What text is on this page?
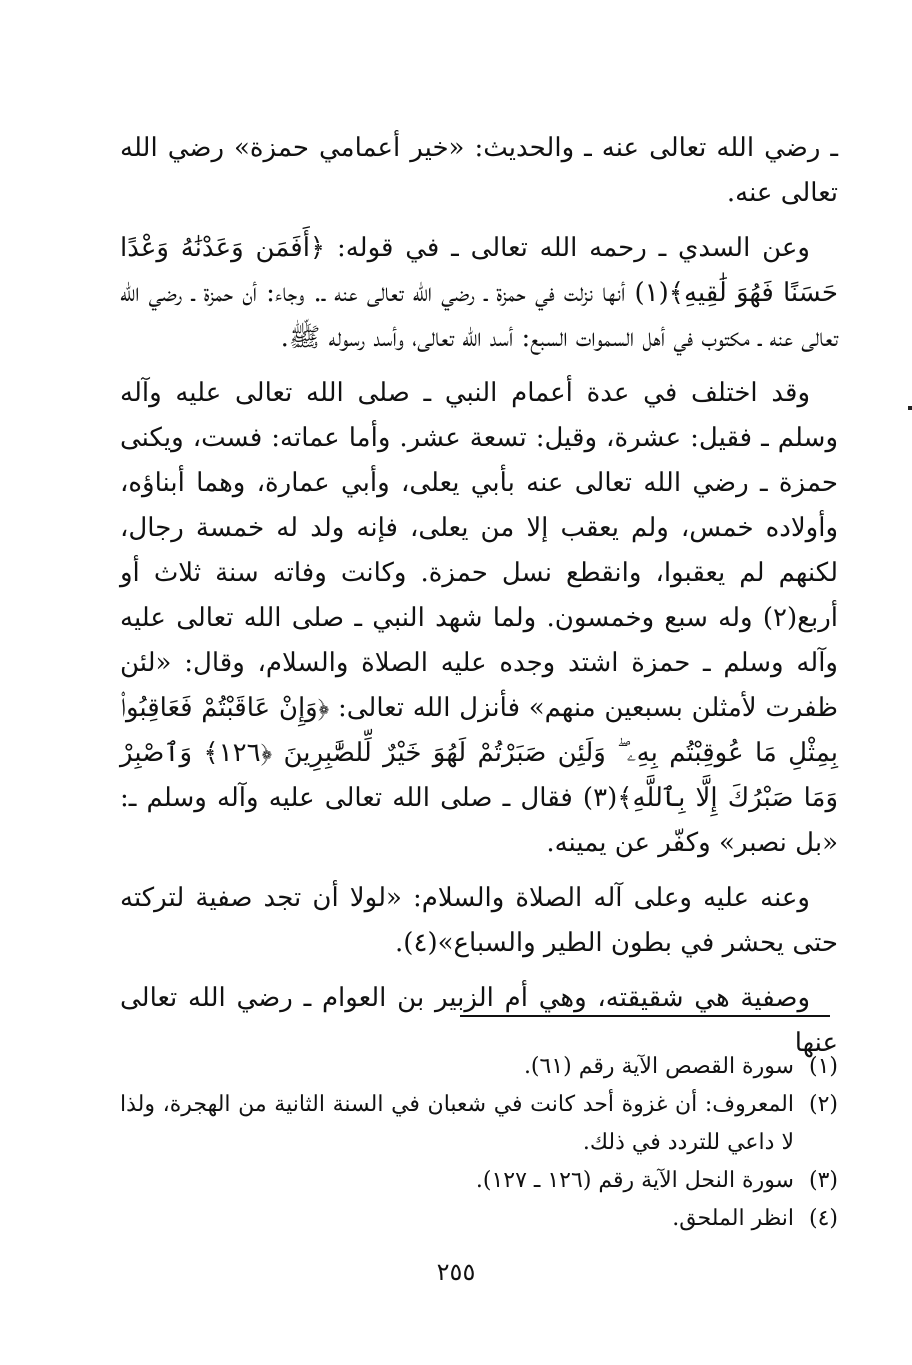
ـ رضي الله تعالى عنه ـ والحديث: «خير أعمامي حمزة» رضي الله تعالى عنه.

وعن السدي ـ رحمه الله تعالى ـ في قوله: ﴿أَفَمَن وَعَدْنَٰهُ وَعْدًا حَسَنًا فَهُوَ لَٰقِيهِ﴾(١) أنها نزلت في حمزة ـ رضي الله تعالى عنه ـ. وجاء: أن حمزة ـ رضي الله تعالى عنه ـ مكتوب في أهل السموات السبع: أسد الله تعالى، وأسد رسوله ﷺ.

وقد اختلف في عدة أعمام النبي ـ صلى الله تعالى عليه وآله وسلم ـ فقيل: عشرة، وقيل: تسعة عشر. وأما عماته: فست، ويكنى حمزة ـ رضي الله تعالى عنه بأبي يعلى، وأبي عمارة، وهما أبناؤه، وأولاده خمس، ولم يعقب إلا من يعلى، فإنه ولد له خمسة رجال، لكنهم لم يعقبوا، وانقطع نسل حمزة. وكانت وفاته سنة ثلاث أو أربع(٢) وله سبع وخمسون. ولما شهد النبي ـ صلى الله تعالى عليه وآله وسلم ـ حمزة اشتد وجده عليه الصلاة والسلام، وقال: «لئن ظفرت لأمثلن بسبعين منهم» فأنزل الله تعالى: ﴿وَإِنْ عَاقَبْتُمْ فَعَاقِبُوا۟ بِمِثْلِ مَا عُوقِبْتُم بِهِۦ ۖ وَلَئِن صَبَرْتُمْ لَهُوَ خَيْرٌ لِّلصَّٰبِرِينَ ﴿١٢٦﴾ وَٱصْبِرْ وَمَا صَبْرُكَ إِلَّا بِٱللَّهِ﴾(٣) فقال ـ صلى الله تعالى عليه وآله وسلم ـ: «بل نصبر» وكفّر عن يمينه.

وعنه عليه وعلى آله الصلاة والسلام: «لولا أن تجد صفية لتركته حتى يحشر في بطون الطير والسباع»(٤).

وصفية هي شقيقته، وهي أم الزبير بن العوام ـ رضي الله تعالى عنها

(١)
سورة القصص الآية رقم (٦١).
(٢)
المعروف: أن غزوة أحد كانت في شعبان في السنة الثانية من الهجرة، ولذا لا داعي للتردد في ذلك.
(٣)
سورة النحل الآية رقم (١٢٦ ـ ١٢٧).
(٤)
انظر الملحق.
٢٥٥
